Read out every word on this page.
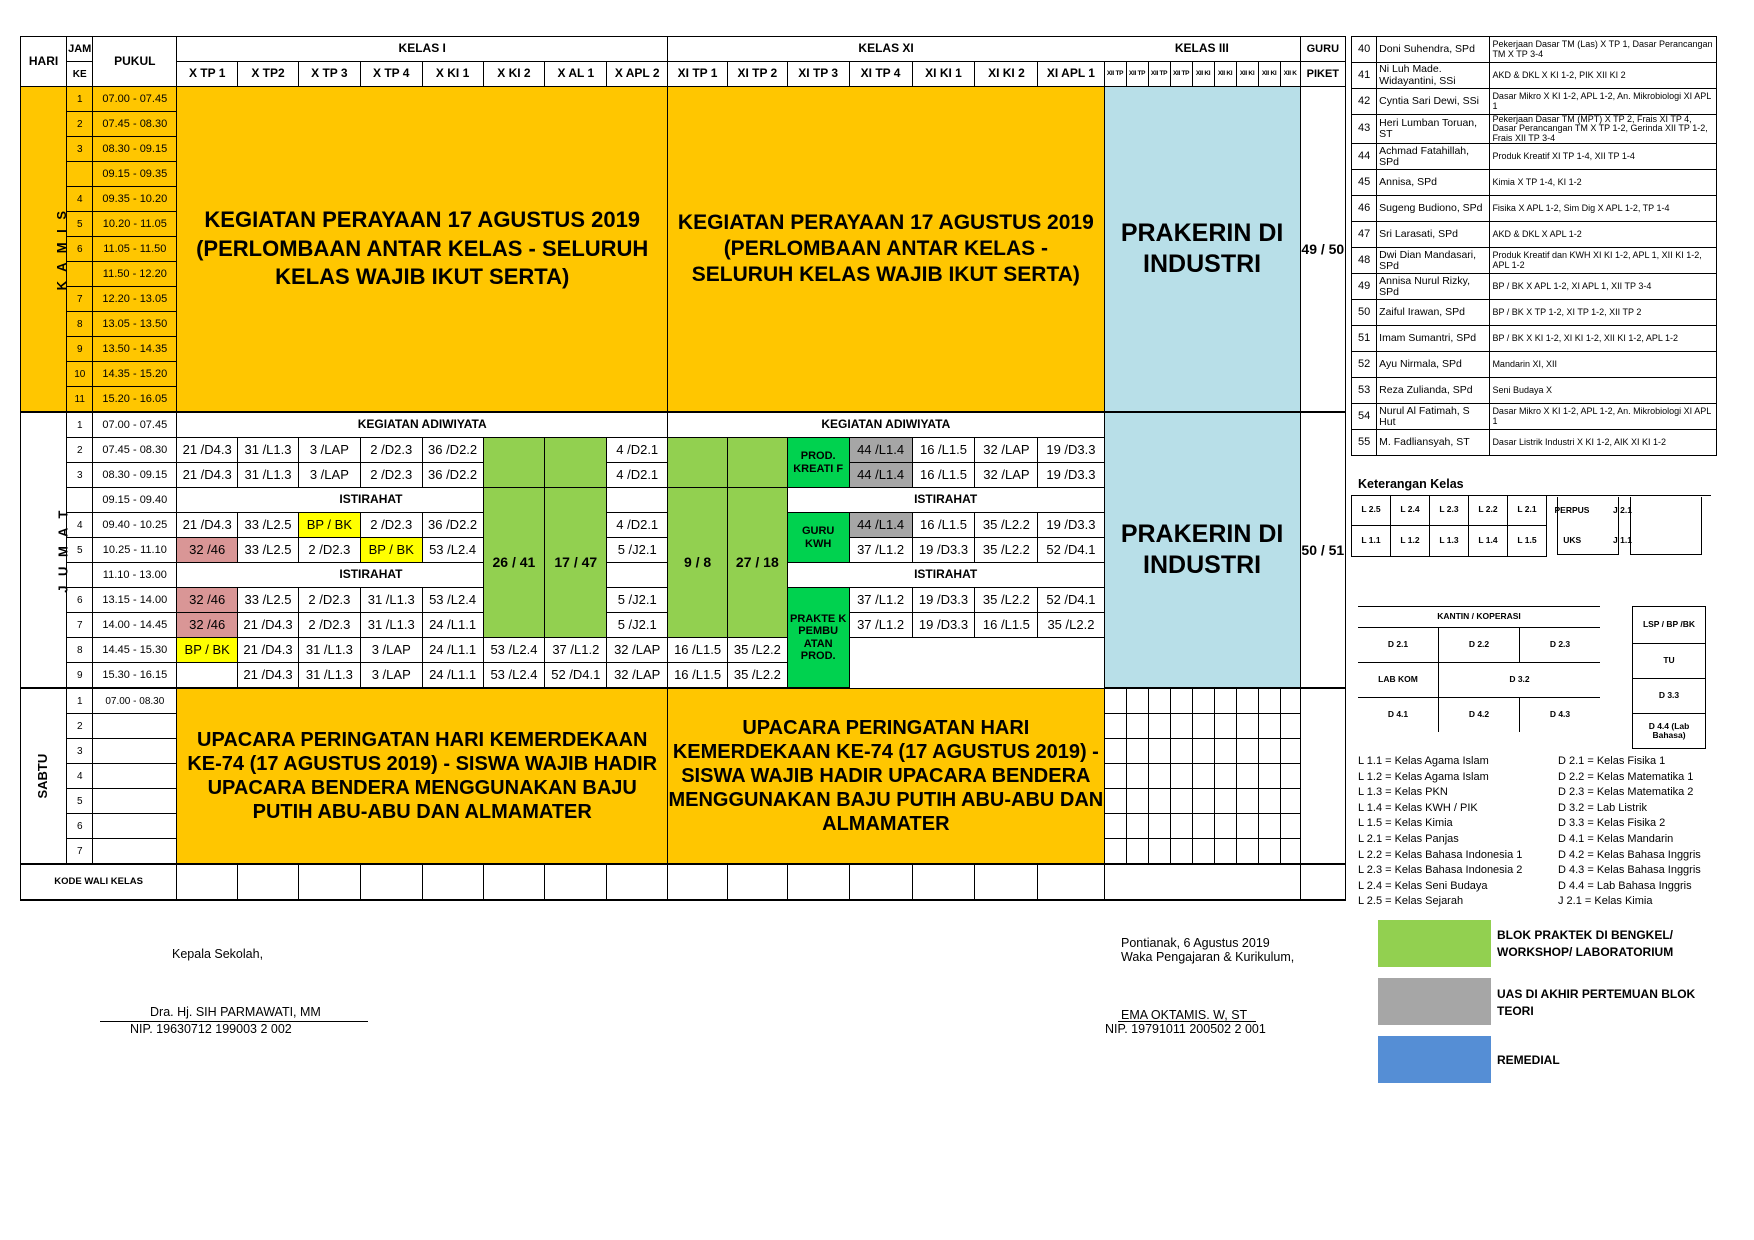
HARI	JAM	PUKUL	KELAS I								KELAS XI							KELAS III									GURU
	KE		X TP 1	X TP2	X TP 3	X TP 4	X KI 1	X KI 2	X AL 1	X APL 2	XI TP 1	XI TP 2	XI TP 3	XI TP 4	XI KI 1	XI KI 2	XI APL 1	XII TP	XII TP	XII TP	XII TP	XII KI	XII KI	XII KI	XII KI	XII K	PIKET
K A M I S	1	07.00 - 07.45	KEGIATAN PERAYAAN 17 AGUSTUS 2019 (PERLOMBAAN ANTAR KELAS - SELURUH KELAS WAJIB IKUT SERTA)								KEGIATAN PERAYAAN 17 AGUSTUS 2019 (PERLOMBAAN ANTAR KELAS - SELURUH KELAS WAJIB IKUT SERTA)							PRAKERIN DI INDUSTRI									49 / 50
	2	07.45 - 08.30																									
	3	08.30 - 09.15																									
		09.15 - 09.35																									
	4	09.35 - 10.20																									
	5	10.20 - 11.05																									
	6	11.05 - 11.50																									
		11.50 - 12.20																									
	7	12.20 - 13.05																									
	8	13.05 - 13.50																									
	9	13.50 - 14.35																									
	10	14.35 - 15.20																									
	11	15.20 - 16.05																									
J U M A T	1	07.00 - 07.45	KEGIATAN ADIWIYATA								KEGIATAN ADIWIYATA							PRAKERIN DI INDUSTRI									50 / 51
	2	07.45 - 08.30	21 /D4.3	31 /L1.3	3 /LAP	2 /D2.3	36 /D2.2			4 /D2.1			PROD. KREATI F	44 /L1.4	16 /L1.5	32 /LAP	19 /D3.3										
	3	08.30 - 09.15	21 /D4.3	31 /L1.3	3 /LAP	2 /D2.3	36 /D2.2			4 /D2.1				44 /L1.4	16 /L1.5	32 /LAP	19 /D3.3										
		09.15 - 09.40	ISTIRAHAT					26 / 41	17 / 47		9 / 8	27 / 18	ISTIRAHAT														
	4	09.40 - 10.25	21 /D4.3	33 /L2.5	BP / BK	2 /D2.3	36 /D2.2			4 /D2.1			GURU KWH	44 /L1.4	16 /L1.5	35 /L2.2	19 /D3.3										
	5	10.25 - 11.10	32 /46	33 /L2.5	2 /D2.3	BP / BK	53 /L2.4			5 /J2.1				37 /L1.2	19 /D3.3	35 /L2.2	52 /D4.1										
		11.10 - 13.00	ISTIRAHAT										ISTIRAHAT														
	6	13.15 - 14.00	32 /46	33 /L2.5	2 /D2.3	31 /L1.3	53 /L2.4			5 /J2.1			PRAKTE K PEMBU ATAN PROD.	37 /L1.2	19 /D3.3	35 /L2.2	52 /D4.1										
	7	14.00 - 14.45	32 /46	21 /D4.3	2 /D2.3	31 /L1.3	24 /L1.1			5 /J2.1				37 /L1.2	19 /D3.3	16 /L1.5	35 /L2.2										
	8	14.45 - 15.30	BP / BK	21 /D4.3	31 /L1.3	3 /LAP	24 /L1.1	53 /L2.4	37 /L1.2	32 /LAP	16 /L1.5	35 /L2.2															
	9	15.30 - 16.15		21 /D4.3	31 /L1.3	3 /LAP	24 /L1.1	53 /L2.4	52 /D4.1	32 /LAP	16 /L1.5	35 /L2.2															
SABTU	1	07.00 - 08.30	UPACARA PERINGATAN HARI KEMERDEKAAN KE-74 (17 AGUSTUS 2019) - SISWA WAJIB HADIR UPACARA BENDERA MENGGUNAKAN BAJU PUTIH ABU-ABU DAN ALMAMATER								UPACARA PERINGATAN HARI KEMERDEKAAN KE-74 (17 AGUSTUS 2019) - SISWA WAJIB HADIR UPACARA BENDERA MENGGUNAKAN BAJU PUTIH ABU-ABU DAN ALMAMATER																
	2																										
	3																										
	4																										
	5																										
	6																										
	7																										
KODE WALI KELAS																											
40	Doni Suhendra, SPd	Pekerjaan Dasar TM (Las) X TP 1, Dasar Perancangan TM X TP 3-4
41	Ni Luh Made. Widayantini, SSi	AKD & DKL X KI 1-2, PIK XII KI 2
42	Cyntia Sari Dewi, SSi	Dasar Mikro X KI 1-2, APL 1-2, An. Mikrobiologi XI APL 1
43	Heri Lumban Toruan, ST	Pekerjaan Dasar TM (MPT) X TP 2, Frais XI TP 4, Dasar Perancangan TM X TP 1-2, Gerinda XII TP 1-2, Frais XII TP 3-4
44	Achmad Fatahillah, SPd	Produk Kreatif XI TP 1-4, XII TP 1-4
45	Annisa, SPd	Kimia X TP 1-4, KI 1-2
46	Sugeng Budiono, SPd	Fisika X APL 1-2, Sim Dig X APL 1-2, TP 1-4
47	Sri Larasati, SPd	AKD & DKL X APL 1-2
48	Dwi Dian Mandasari, SPd	Produk Kreatif dan KWH XI KI 1-2, APL 1, XII KI 1-2, APL 1-2
49	Annisa Nurul Rizky, SPd	BP / BK X APL 1-2, XI APL 1, XII TP 3-4
50	Zaiful Irawan, SPd	BP / BK X TP 1-2, XI TP 1-2, XII TP 2
51	Imam Sumantri, SPd	BP / BK X KI 1-2, XI KI 1-2, XII KI 1-2, APL 1-2
52	Ayu Nirmala, SPd	Mandarin XI, XII
53	Reza Zulianda, SPd	Seni Budaya X
54	Nurul Al Fatimah, S Hut	Dasar Mikro X KI 1-2, APL 1-2, An. Mikrobiologi XI APL 1
55	M. Fadliansyah, ST	Dasar Listrik Industri X KI 1-2, AIK XI KI 1-2
Keterangan Kelas
L 2.5	L 2.4	L 2.3	L 2.2	L 2.1	PERPUS	J 2.1
L 1.1	L 1.2	L 1.3	L 1.4	L 1.5	UKS	J 1.1
KANTIN / KOPERASI		
D 2.1	D 2.2	D 2.3
LAB KOM	D 3.2	
D 4.1	D 4.2	D 4.3
LSP / BP /BK
TU
D 3.3
D 4.4 (Lab Bahasa)
L 1.1 = Kelas Agama Islam
L 1.2 = Kelas Agama Islam
L 1.3 = Kelas PKN
L 1.4 = Kelas KWH / PIK
L 1.5 = Kelas Kimia
L 2.1 = Kelas Panjas
L 2.2 = Kelas Bahasa Indonesia 1
L 2.3 = Kelas Bahasa Indonesia 2
L 2.4 = Kelas Seni Budaya
L 2.5 = Kelas Sejarah
D 2.1 = Kelas Fisika 1
D 2.2 = Kelas Matematika 1
D 2.3 = Kelas Matematika 2
D 3.2 = Lab Listrik
D 3.3 = Kelas Fisika 2
D 4.1 = Kelas Mandarin
D 4.2 = Kelas Bahasa Inggris
D 4.3 = Kelas Bahasa Inggris
D 4.4 = Lab Bahasa Inggris
J 2.1 = Kelas Kimia
BLOK PRAKTEK DI BENGKEL/ WORKSHOP/ LABORATORIUM
UAS DI AKHIR PERTEMUAN BLOK TEORI
REMEDIAL
Kepala Sekolah,
Dra. Hj. SIH PARMAWATI, MM
NIP. 19630712 199003 2 002
Pontianak, 6 Agustus 2019
Waka Pengajaran & Kurikulum,
EMA OKTAMIS. W, ST
NIP. 19791011 200502 2 001
